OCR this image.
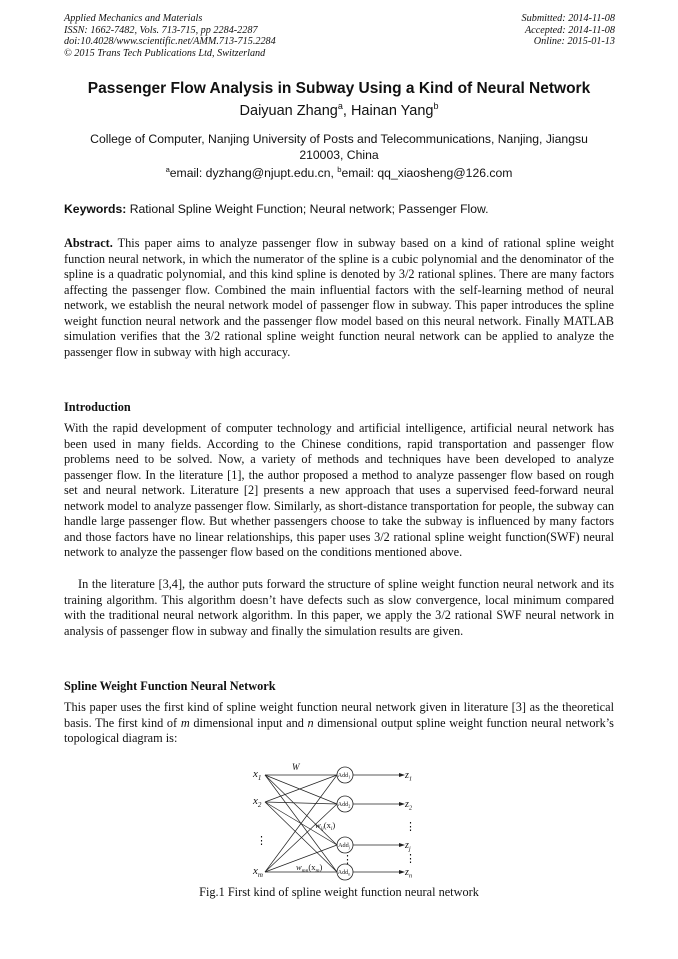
Applied Mechanics and Materials
ISSN: 1662-7482, Vols. 713-715, pp 2284-2287
doi:10.4028/www.scientific.net/AMM.713-715.2284
© 2015 Trans Tech Publications Ltd, Switzerland
Submitted: 2014-11-08
Accepted: 2014-11-08
Online: 2015-01-13
Passenger Flow Analysis in Subway Using a Kind of Neural Network
Daiyuan Zhang$^a$, Hainan Yang$^b$
College of Computer, Nanjing University of Posts and Telecommunications, Nanjing, Jiangsu 210003, China
$^a$email: dyzhang@njupt.edu.cn, $^b$email: qq_xiaosheng@126.com
Keywords: Rational Spline Weight Function; Neural network; Passenger Flow.

Abstract. This paper aims to analyze passenger flow in subway based on a kind of rational spline weight function neural network, in which the numerator of the spline is a cubic polynomial and the denominator of the spline is a quadratic polynomial, and this kind spline is denoted by 3/2 rational splines. There are many factors affecting the passenger flow. Combined the main influential factors with the self-learning method of neural network, we establish the neural network model of passenger flow in subway. This paper introduces the spline weight function neural network and the passenger flow model based on this neural network. Finally MATLAB simulation verifies that the 3/2 rational spline weight function neural network can be applied to analyze the passenger flow in subway with high accuracy.

Introduction

With the rapid development of computer technology and artificial intelligence, artificial neural network has been used in many fields. According to the Chinese conditions, rapid transportation and passenger flow problems need to be solved. Now, a variety of methods and techniques have been developed to analyze passenger flow. In the literature [1], the author proposed a method to analyze passenger flow based on rough set and neural network. Literature [2] presents a new approach that uses a supervised feed-forward neural network model to analyze passenger flow. Similarly, as short-distance transportation for people, the subway can handle large passenger flow. But whether passengers choose to take the subway is influenced by many factors and those factors have no linear relationships, this paper uses 3/2 rational spline weight function(SWF) neural network to analyze the passenger flow based on the conditions mentioned above.

In the literature [3,4], the author puts forward the structure of spline weight function neural network and its training algorithm. This algorithm doesn’t have defects such as slow convergence, local minimum compared with the traditional neural network algorithm. In this paper, we apply the 3/2 rational SWF neural network in analysis of passenger flow in subway and finally the simulation results are given.

Spline Weight Function Neural Network

This paper uses the first kind of spline weight function neural network given in literature [3] as the theoretical basis. The first kind of m dimensional input and n dimensional output spline weight function neural network’s topological diagram is:

Add$_1$
Add$_2$
Add$_j$
Add$_n$
$x_1$
$x_2$
$x_m$
$z_1$
$z_2$
$z_j$
$z_n$
W
⋮
⋮
⋮
⋮
$w_{ij}(x_i)$
$w_{mn}(x_m)$
Fig.1 First kind of spline weight function neural network
